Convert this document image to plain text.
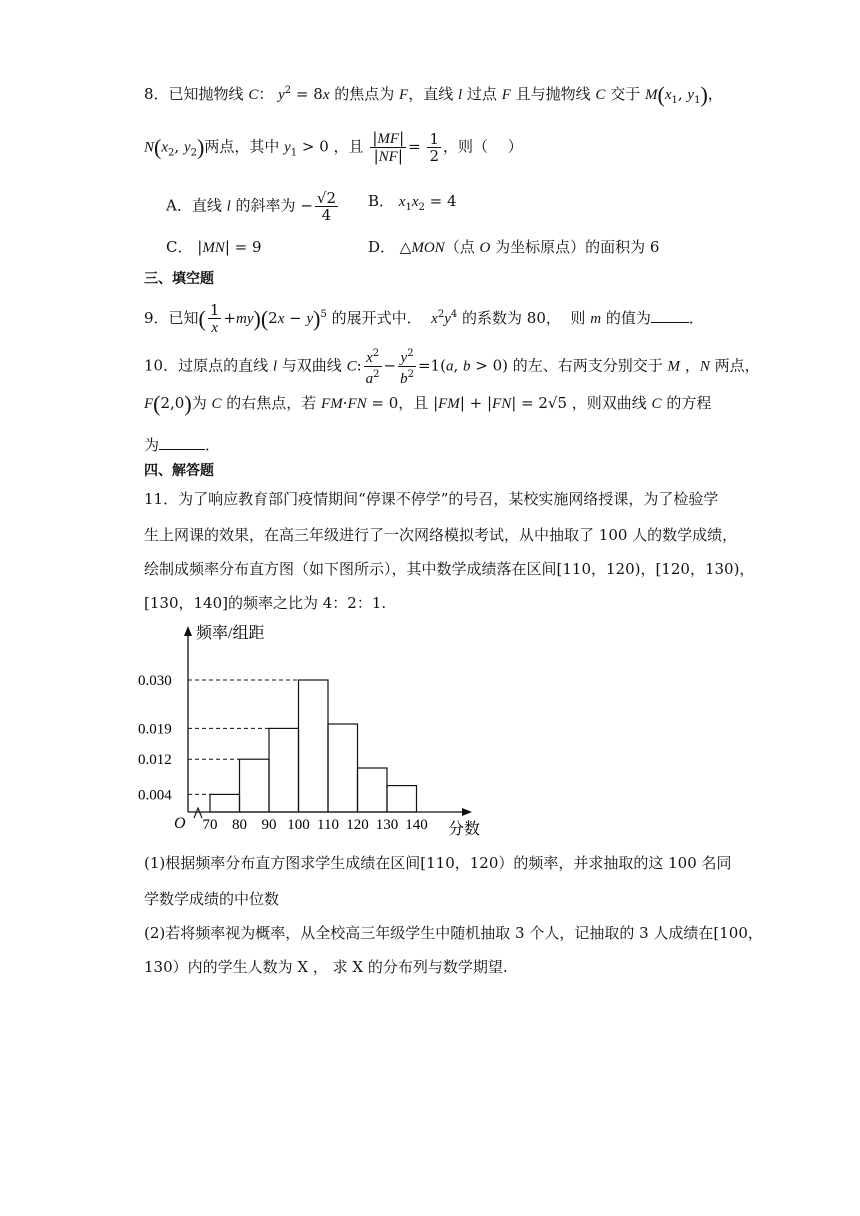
8．已知抛物线 C： $y^2 = 8x$ 的焦点为 F，直线 l 过点 F 且与抛物线 C 交于 $M(x_1$, $y_1$)，
$N(x_2$, $y_2$)两点，其中 $y_1 > 0$ ，且 $\frac{|MF|}{|NF|} = \frac{1}{2}$ ，则（　 ）
A．直线 l 的斜率为 − $\frac{√2}{4}$ B． $x_1x_2 = 4$
C． |MN| = 9	D． △MON（点 O 为坐标原点）的面积为 6
三、填空题
9．已知( $\frac{1}{x} +my)(2x - y)^5$ 的展开式中．  $x^2y^4$ 的系数为 80，  则 m 的值为	．
10．过原点的直线 l 与双曲线 C: $\frac{x^2}{a^2} - \frac{y^2}{b^2} =1(a$, b > 0) 的左、右两支分别交于 M ，N 两点，
F(2,0)为 C 的右焦点，若 FM·FN = 0，且 |FM| + |FN| = 2√5 ，则双曲线 C 的方程
为	．
四、解答题
11．为了响应教育部门疫情期间“停课不停学”的号召，某校实施网络授课，为了检验学
生上网课的效果，在高三年级进行了一次网络模拟考试，从中抽取了 100 人的数学成绩，
绘制成频率分布直方图（如下图所示），其中数学成绩落在区间[110，120)，[120，130)，
[130，140]的频率之比为 4：2：1.
频率/组距
分数
O
0.030
0.019
0.012
0.004
70 80 90 100 110 120 130 140
(1)根据频率分布直方图求学生成绩在区间[110，120）的频率，并求抽取的这 100 名同
学数学成绩的中位数
(2)若将频率视为概率，从全校高三年级学生中随机抽取 3 个人，记抽取的 3 人成绩在[100，
130）内的学生人数为 X ， 求 X 的分布列与数学期望.
